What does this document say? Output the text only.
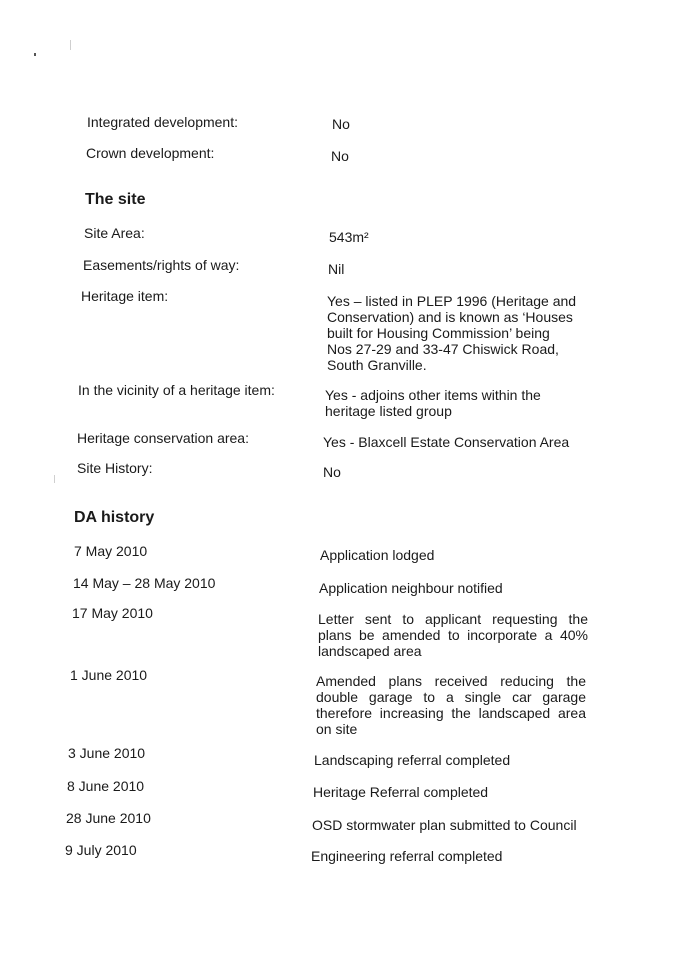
Integrated development:	No
Crown development:	No
The site
Site Area:	543m²
Easements/rights of way:	Nil
Heritage item:	Yes – listed in PLEP 1996 (Heritage and Conservation) and is known as ‘Houses built for Housing Commission’ being Nos 27-29 and 33-47 Chiswick Road, South Granville.
In the vicinity of a heritage item:	Yes - adjoins other items within the heritage listed group
Heritage conservation area:	Yes - Blaxcell Estate Conservation Area
Site History:	No
DA history
7 May 2010	Application lodged
14 May – 28 May 2010	Application neighbour notified
17 May 2010	Letter sent to applicant requesting the plans be amended to incorporate a 40% landscaped area
1 June 2010	Amended plans received reducing the double garage to a single car garage therefore increasing the landscaped area on site
3 June 2010	Landscaping referral completed
8 June 2010	Heritage Referral completed
28 June 2010	OSD stormwater plan submitted to Council
9 July 2010	Engineering referral completed
